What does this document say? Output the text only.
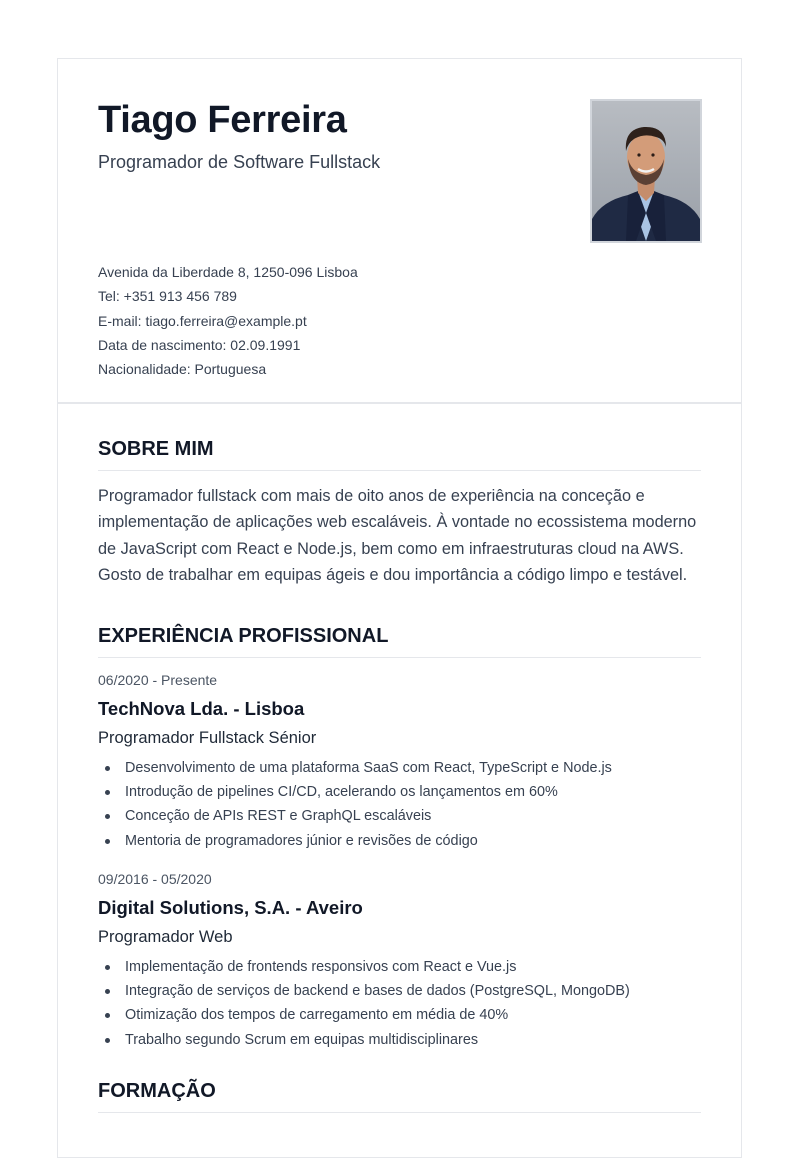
Tiago Ferreira

Programador de Software Fullstack

Avenida da Liberdade 8, 1250-096 Lisboa
Tel: +351 913 456 789
E-mail: tiago.ferreira@example.pt
Data de nascimento: 02.09.1991
Nacionalidade: Portuguesa
SOBRE MIM

Programador fullstack com mais de oito anos de experiência na conceção e implementação de aplicações web escaláveis. À vontade no ecossistema moderno de JavaScript com React e Node.js, bem como em infraestruturas cloud na AWS. Gosto de trabalhar em equipas ágeis e dou importância a código limpo e testável.

EXPERIÊNCIA PROFISSIONAL
06/2020 - Presente
TechNova Lda. - Lisboa
Programador Fullstack Sénior
Desenvolvimento de uma plataforma SaaS com React, TypeScript e Node.js
Introdução de pipelines CI/CD, acelerando os lançamentos em 60%
Conceção de APIs REST e GraphQL escaláveis
Mentoria de programadores júnior e revisões de código
09/2016 - 05/2020
Digital Solutions, S.A. - Aveiro
Programador Web
Implementação de frontends responsivos com React e Vue.js
Integração de serviços de backend e bases de dados (PostgreSQL, MongoDB)
Otimização dos tempos de carregamento em média de 40%
Trabalho segundo Scrum em equipas multidisciplinares
FORMAÇÃO
